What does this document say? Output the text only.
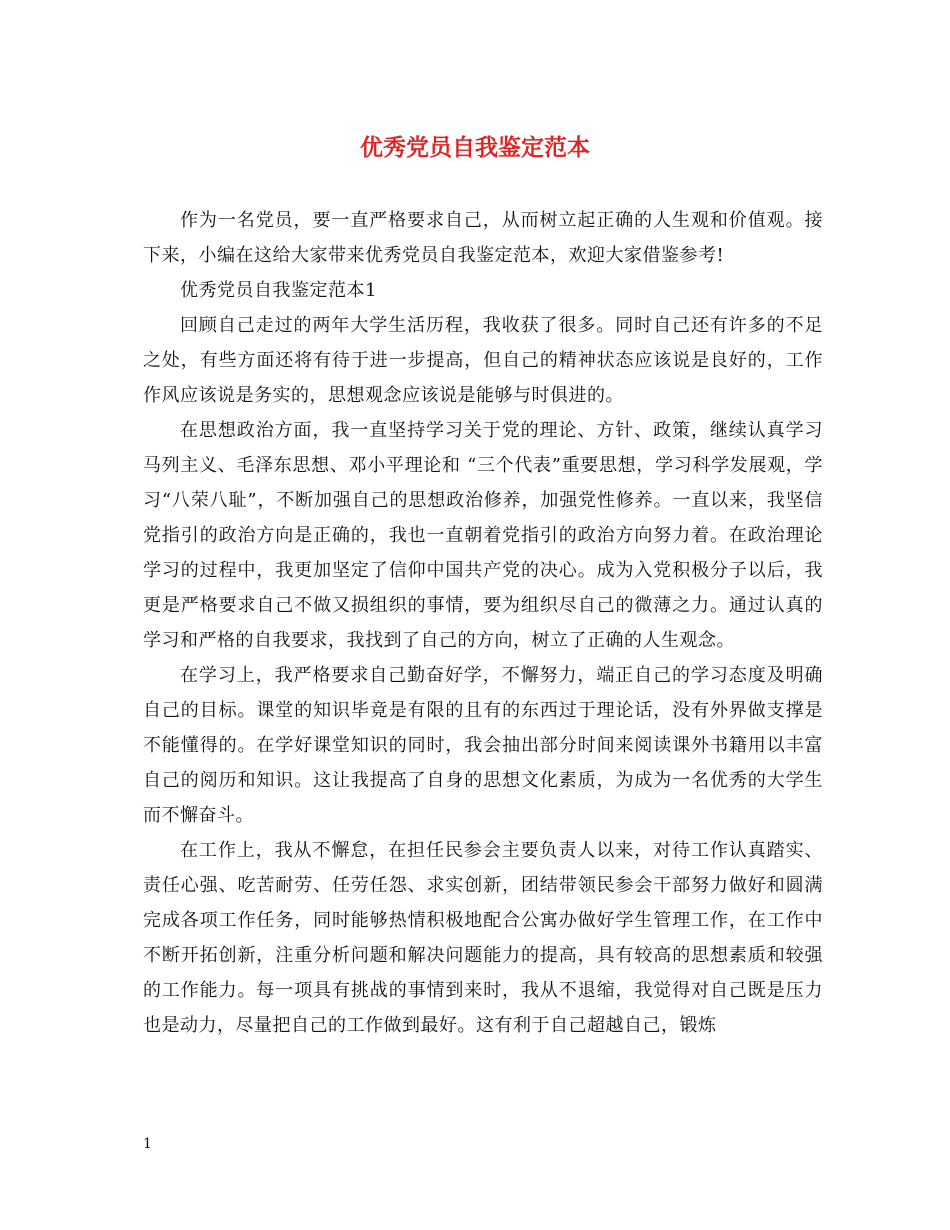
优秀党员自我鉴定范本

作为一名党员，要一直严格要求自己，从而树立起正确的人生观和价值观。接下来，小编在这给大家带来优秀党员自我鉴定范本，欢迎大家借鉴参考!

优秀党员自我鉴定范本1

回顾自己走过的两年大学生活历程，我收获了很多。同时自己还有许多的不足之处，有些方面还将有待于进一步提高，但自己的精神状态应该说是良好的，工作作风应该说是务实的，思想观念应该说是能够与时俱进的。

在思想政治方面，我一直坚持学习关于党的理论、方针、政策，继续认真学习马列主义、毛泽东思想、邓小平理论和 “三个代表”重要思想，学习科学发展观，学习“八荣八耻”，不断加强自己的思想政治修养，加强党性修养。一直以来，我坚信党指引的政治方向是正确的，我也一直朝着党指引的政治方向努力着。在政治理论学习的过程中，我更加坚定了信仰中国共产党的决心。成为入党积极分子以后，我更是严格要求自己不做又损组织的事情，要为组织尽自己的微薄之力。通过认真的学习和严格的自我要求，我找到了自己的方向，树立了正确的人生观念。

在学习上，我严格要求自己勤奋好学，不懈努力，端正自己的学习态度及明确自己的目标。课堂的知识毕竟是有限的且有的东西过于理论话，没有外界做支撑是不能懂得的。在学好课堂知识的同时，我会抽出部分时间来阅读课外书籍用以丰富自己的阅历和知识。这让我提高了自身的思想文化素质，为成为一名优秀的大学生而不懈奋斗。

在工作上，我从不懈怠，在担任民参会主要负责人以来，对待工作认真踏实、责任心强、吃苦耐劳、任劳任怨、求实创新，团结带领民参会干部努力做好和圆满完成各项工作任务，同时能够热情积极地配合公寓办做好学生管理工作，在工作中不断开拓创新，注重分析问题和解决问题能力的提高，具有较高的思想素质和较强的工作能力。每一项具有挑战的事情到来时，我从不退缩，我觉得对自己既是压力也是动力，尽量把自己的工作做到最好。这有利于自己超越自己，锻炼

1
